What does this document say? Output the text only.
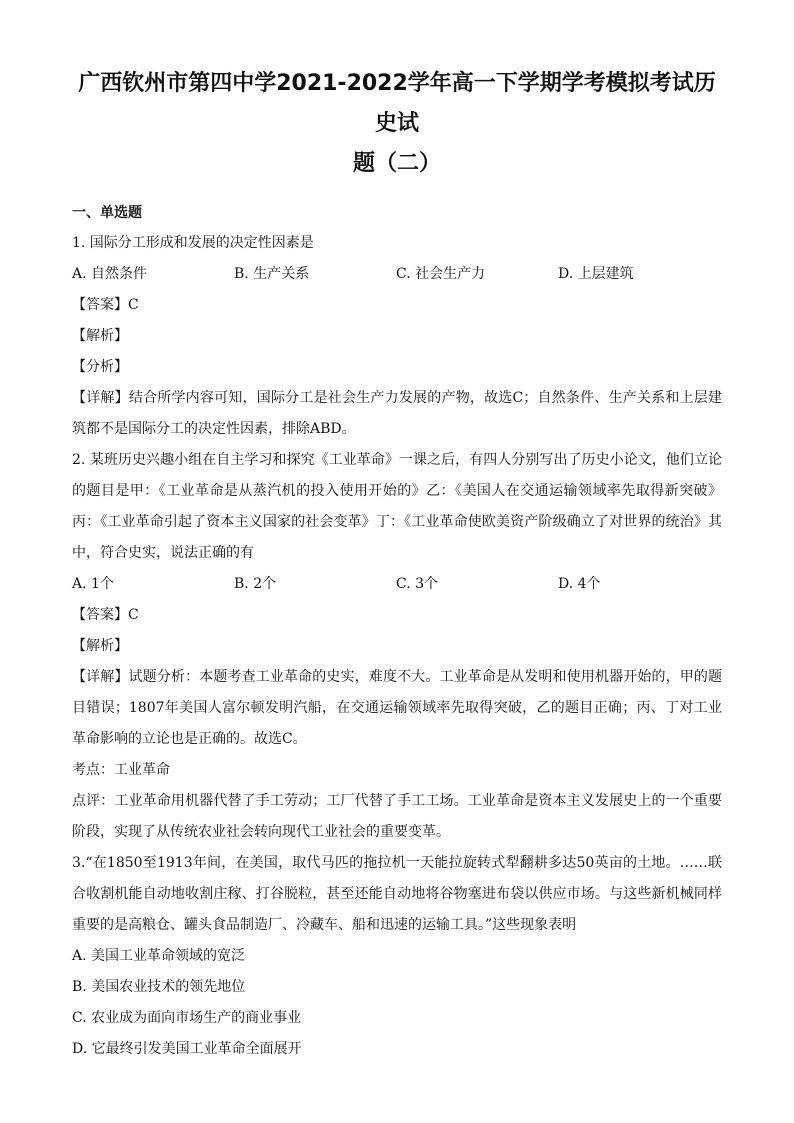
广西钦州市第四中学2021-2022学年高一下学期学考模拟考试历史试
题（二）
一、单选题

1. 国际分工形成和发展的决定性因素是

A. 自然条件	B. 生产关系	C. 社会生产力	D. 上层建筑

【答案】C

【解析】

【分析】

【详解】结合所学内容可知，国际分工是社会生产力发展的产物，故选C；自然条件、生产关系和上层建筑都不是国际分工的决定性因素，排除ABD。

2. 某班历史兴趣小组在自主学习和探究《工业革命》一课之后，有四人分别写出了历史小论文，他们立论的题目是甲：《工业革命是从蒸汽机的投入使用开始的》乙：《美国人在交通运输领域率先取得新突破》丙：《工业革命引起了资本主义国家的社会变革》丁：《工业革命使欧美资产阶级确立了对世界的统治》其中，符合史实，说法正确的有

A. 1个	B. 2个	C. 3个	D. 4个

【答案】C

【解析】

【详解】试题分析：本题考查工业革命的史实，难度不大。工业革命是从发明和使用机器开始的，甲的题目错误；1807年美国人富尔顿发明汽船，在交通运输领域率先取得突破，乙的题目正确；丙、丁对工业革命影响的立论也是正确的。故选C。

考点：工业革命

点评：工业革命用机器代替了手工劳动；工厂代替了手工工场。工业革命是资本主义发展史上的一个重要阶段，实现了从传统农业社会转向现代工业社会的重要变革。

3.“在1850至1913年间，在美国，取代马匹的拖拉机一天能拉旋转式犁翻耕多达50英亩的土地。……联合收割机能自动地收割庄稼、打谷脱粒，甚至还能自动地将谷物塞进布袋以供应市场。与这些新机械同样重要的是高粮仓、罐头食品制造厂、冷藏车、船和迅速的运输工具。”这些现象表明

A. 美国工业革命领域的宽泛
B. 美国农业技术的领先地位
C. 农业成为面向市场生产的商业事业
D. 它最终引发美国工业革命全面展开
